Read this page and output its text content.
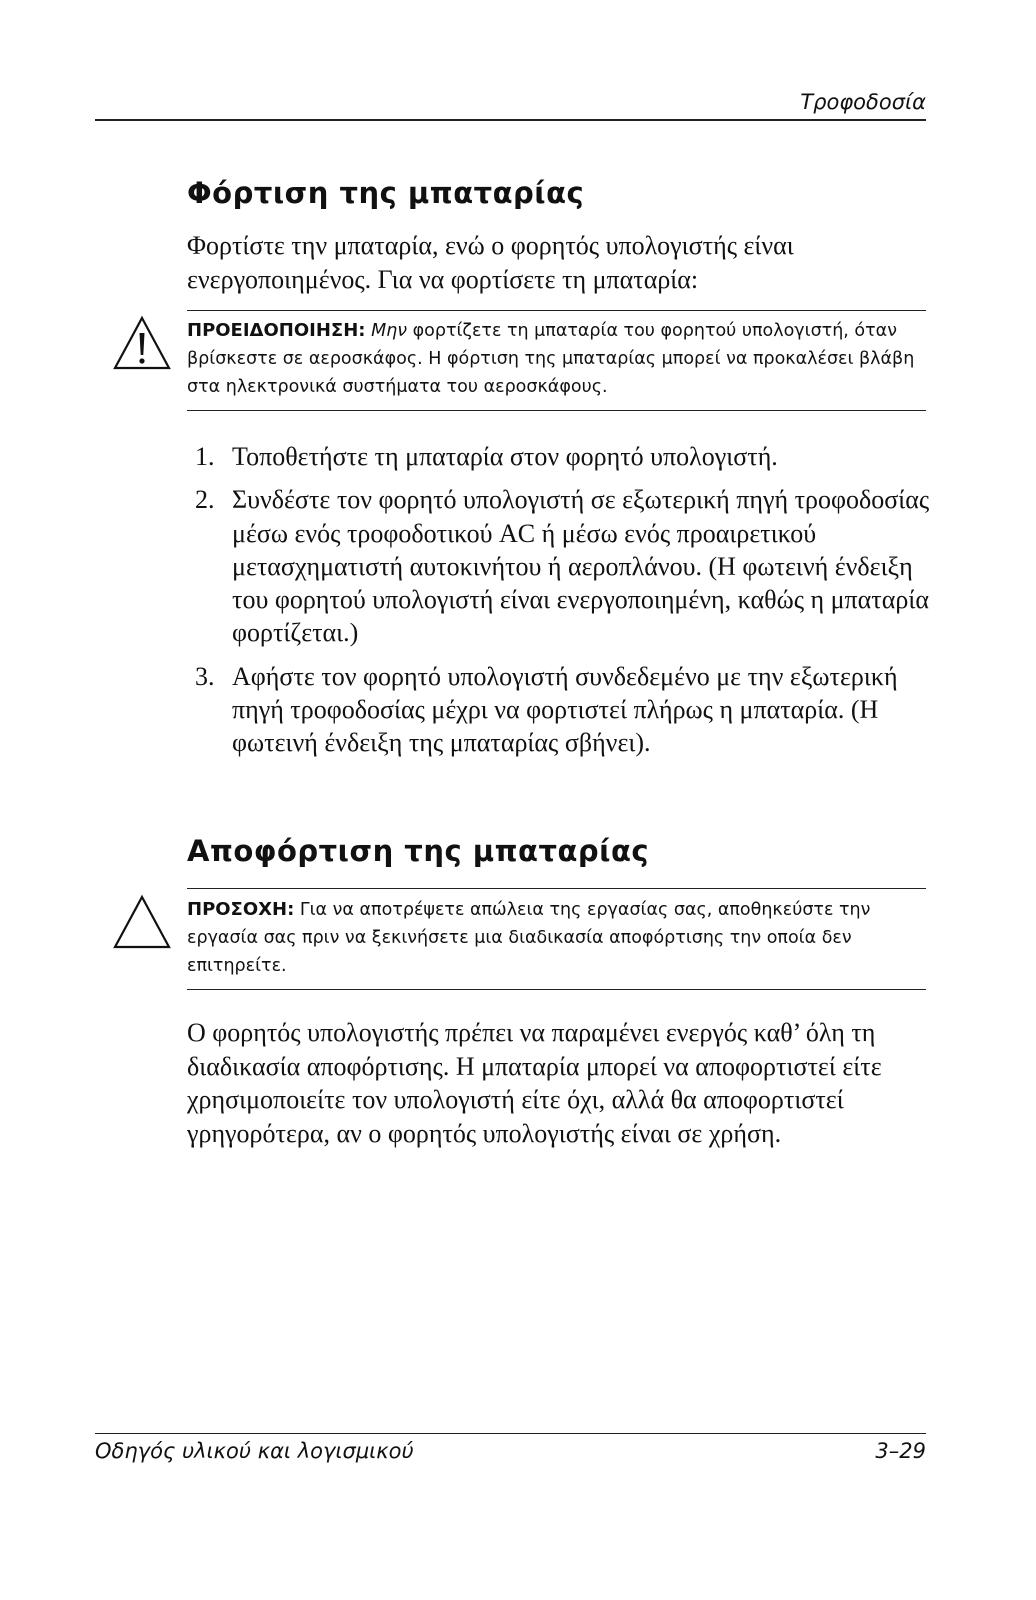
Τροφοδοσία
Φόρτιση της μπαταρίας
Φορτίστε την μπαταρία, ενώ ο φορητός υπολογιστής είναι ενεργοποιημένος. Για να φορτίσετε τη μπαταρία:
ΠΡΟΕΙΔΟΠΟΙΗΣΗ: Μην φορτίζετε τη μπαταρία του φορητού υπολογιστή, όταν βρίσκεστε σε αεροσκάφος. Η φόρτιση της μπαταρίας μπορεί να προκαλέσει βλάβη στα ηλεκτρονικά συστήματα του αεροσκάφους.
1. Τοποθετήστε τη μπαταρία στον φορητό υπολογιστή.
2. Συνδέστε τον φορητό υπολογιστή σε εξωτερική πηγή τροφοδοσίας μέσω ενός τροφοδοτικού AC ή μέσω ενός προαιρετικού μετασχηματιστή αυτοκινήτου ή αεροπλάνου. (Η φωτεινή ένδειξη του φορητού υπολογιστή είναι ενεργοποιημένη, καθώς η μπαταρία φορτίζεται.)
3. Αφήστε τον φορητό υπολογιστή συνδεδεμένο με την εξωτερική πηγή τροφοδοσίας μέχρι να φορτιστεί πλήρως η μπαταρία. (Η φωτεινή ένδειξη της μπαταρίας σβήνει).
Αποφόρτιση της μπαταρίας
ΠΡΟΣΟΧΗ: Για να αποτρέψετε απώλεια της εργασίας σας, αποθηκεύστε την εργασία σας πριν να ξεκινήσετε μια διαδικασία αποφόρτισης την οποία δεν επιτηρείτε.
Ο φορητός υπολογιστής πρέπει να παραμένει ενεργός καθ’ όλη τη διαδικασία αποφόρτισης. Η μπαταρία μπορεί να αποφορτιστεί είτε χρησιμοποιείτε τον υπολογιστή είτε όχι, αλλά θα αποφορτιστεί γρηγορότερα, αν ο φορητός υπολογιστής είναι σε χρήση.
Οδηγός υλικού και λογισμικού	3–29
